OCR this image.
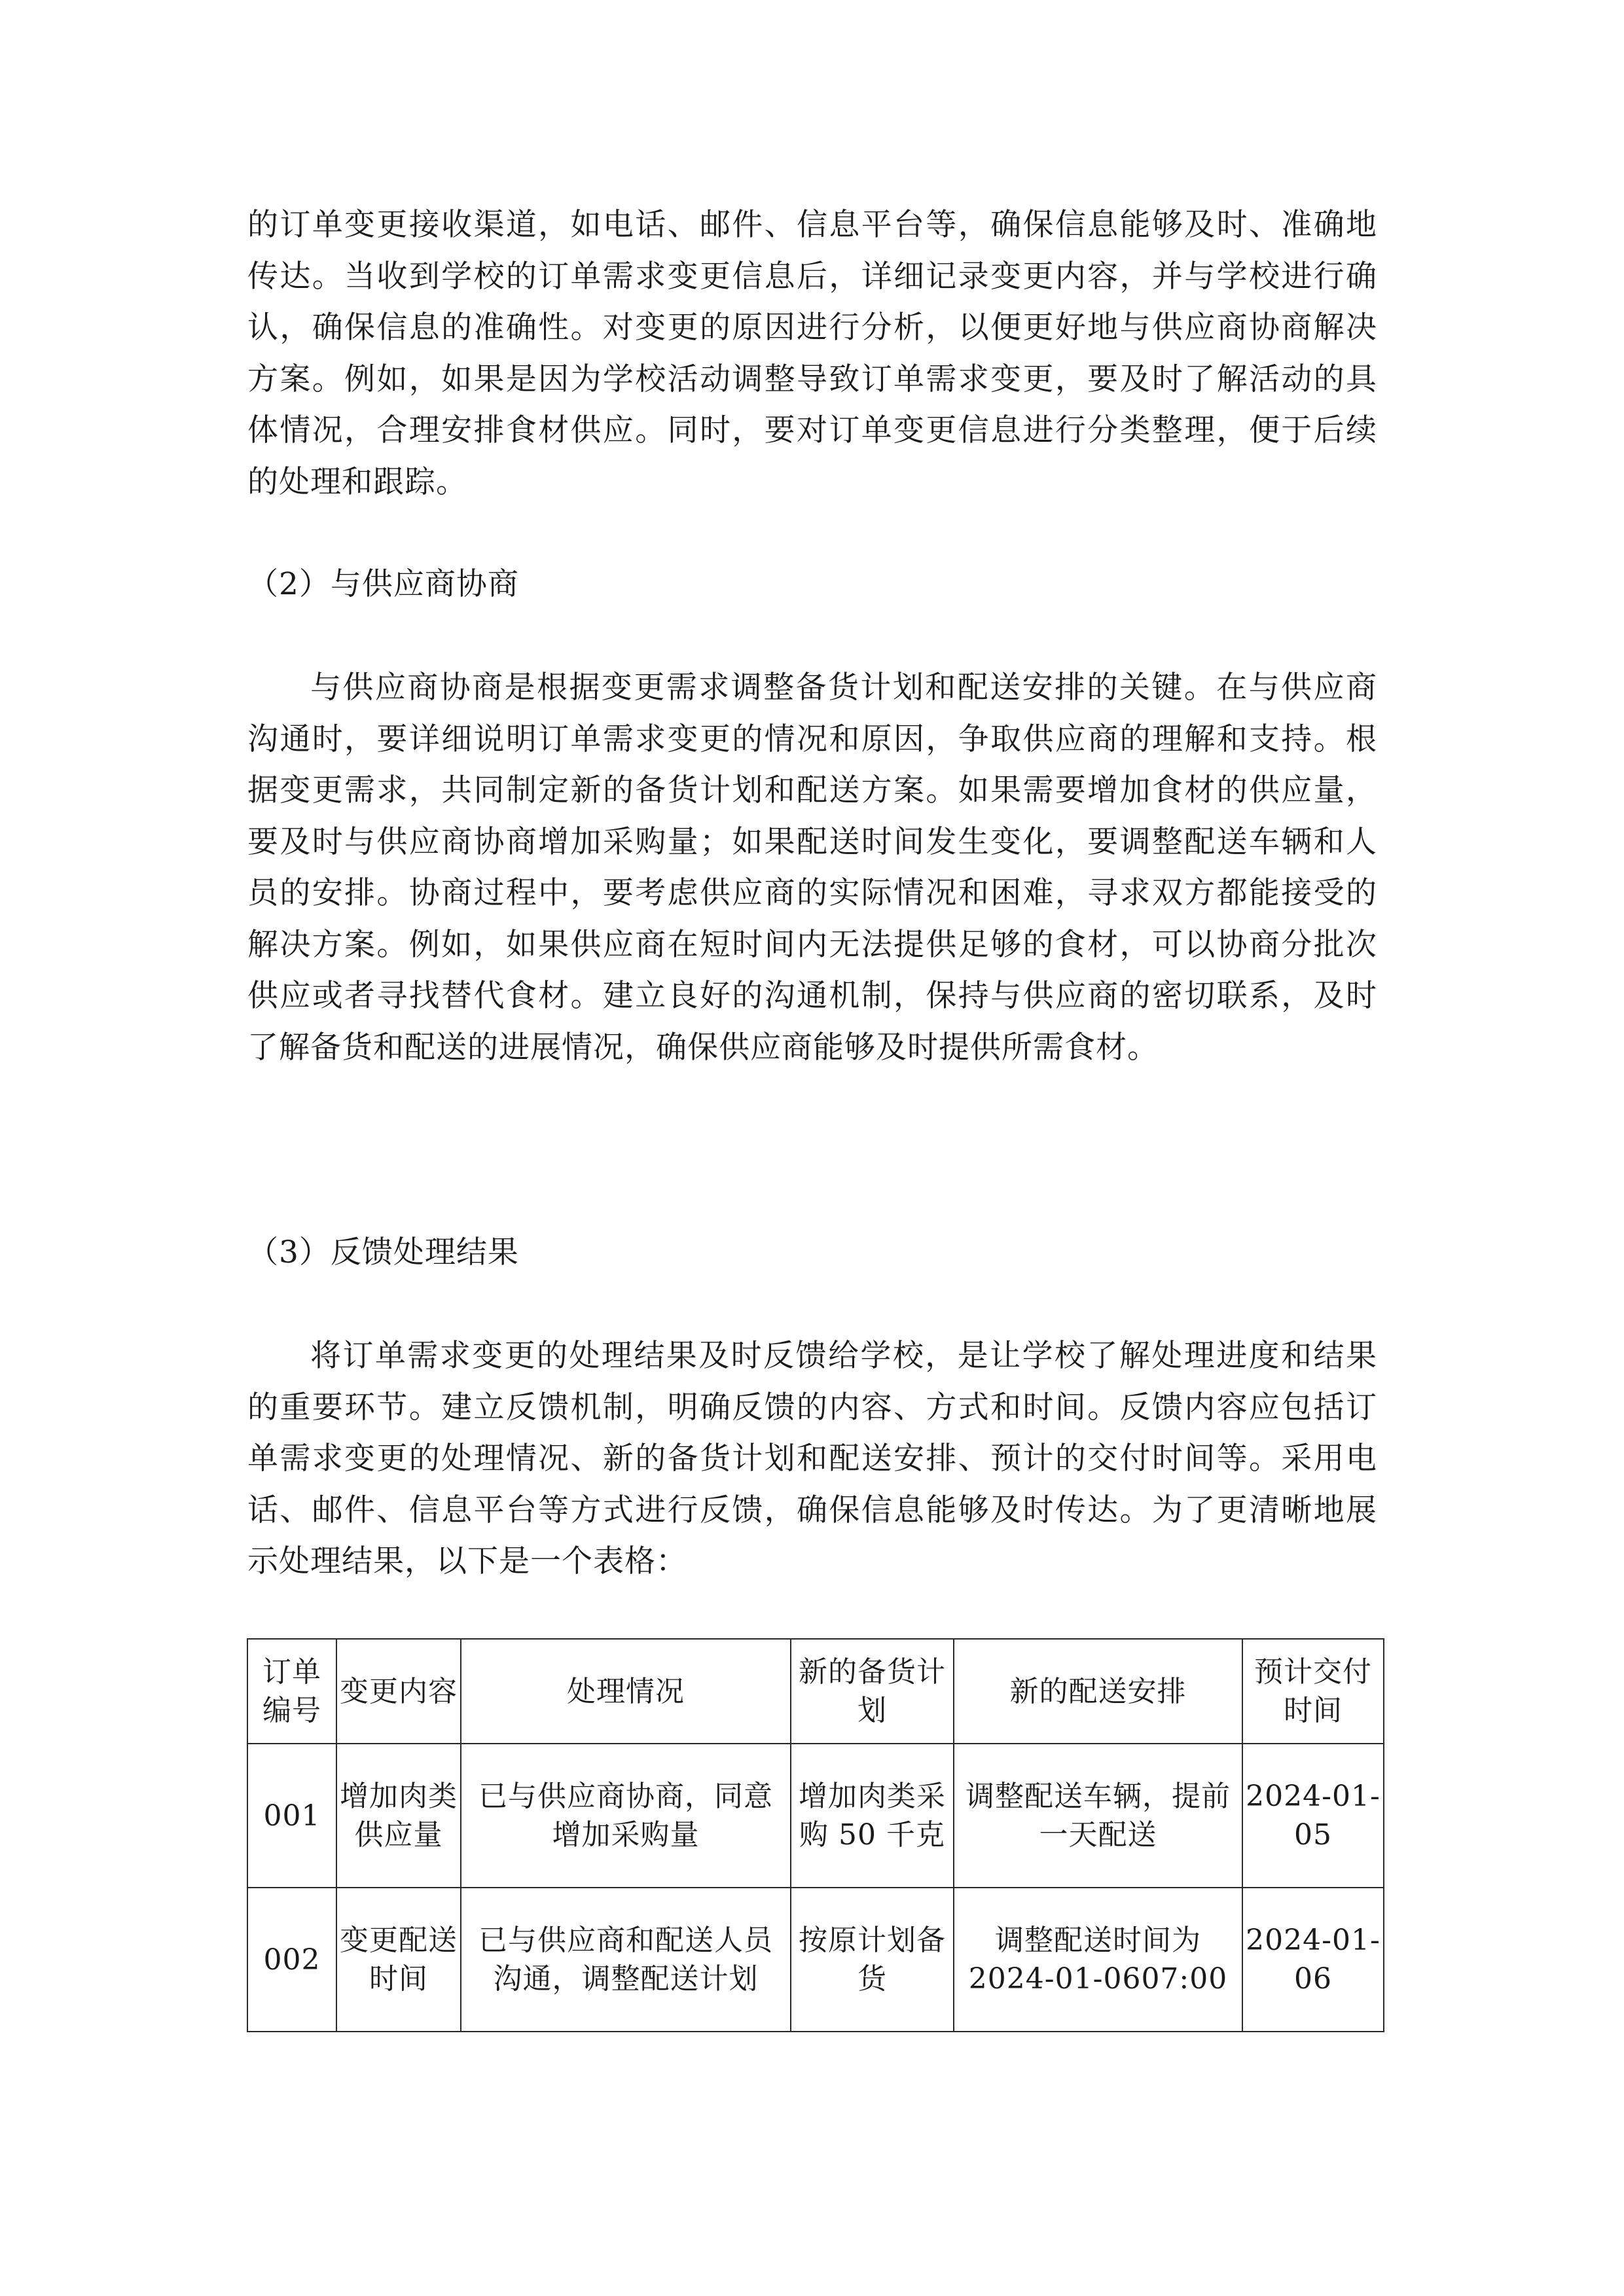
的订单变更接收渠道，如电话、邮件、信息平台等，确保信息能够及时、准确地传达。当收到学校的订单需求变更信息后，详细记录变更内容，并与学校进行确认，确保信息的准确性。对变更的原因进行分析，以便更好地与供应商协商解决方案。例如，如果是因为学校活动调整导致订单需求变更，要及时了解活动的具体情况，合理安排食材供应。同时，要对订单变更信息进行分类整理，便于后续的处理和跟踪。
（2）与供应商协商
与供应商协商是根据变更需求调整备货计划和配送安排的关键。在与供应商沟通时，要详细说明订单需求变更的情况和原因，争取供应商的理解和支持。根据变更需求，共同制定新的备货计划和配送方案。如果需要增加食材的供应量，要及时与供应商协商增加采购量；如果配送时间发生变化，要调整配送车辆和人员的安排。协商过程中，要考虑供应商的实际情况和困难，寻求双方都能接受的解决方案。例如，如果供应商在短时间内无法提供足够的食材，可以协商分批次供应或者寻找替代食材。建立良好的沟通机制，保持与供应商的密切联系，及时了解备货和配送的进展情况，确保供应商能够及时提供所需食材。
（3）反馈处理结果
将订单需求变更的处理结果及时反馈给学校，是让学校了解处理进度和结果的重要环节。建立反馈机制，明确反馈的内容、方式和时间。反馈内容应包括订单需求变更的处理情况、新的备货计划和配送安排、预计的交付时间等。采用电话、邮件、信息平台等方式进行反馈，确保信息能够及时传达。为了更清晰地展示处理结果，以下是一个表格：
订单编号	变更内容	处理情况	新的备货计划	新的配送安排	预计交付时间
001	增加肉类供应量	已与供应商协商，同意增加采购量	增加肉类采购 50 千克	调整配送车辆，提前一天配送	2024-01-05
002	变更配送时间	已与供应商和配送人员沟通，调整配送计划	按原计划备货	调整配送时间为 2024-01-0607:00	2024-01-06
